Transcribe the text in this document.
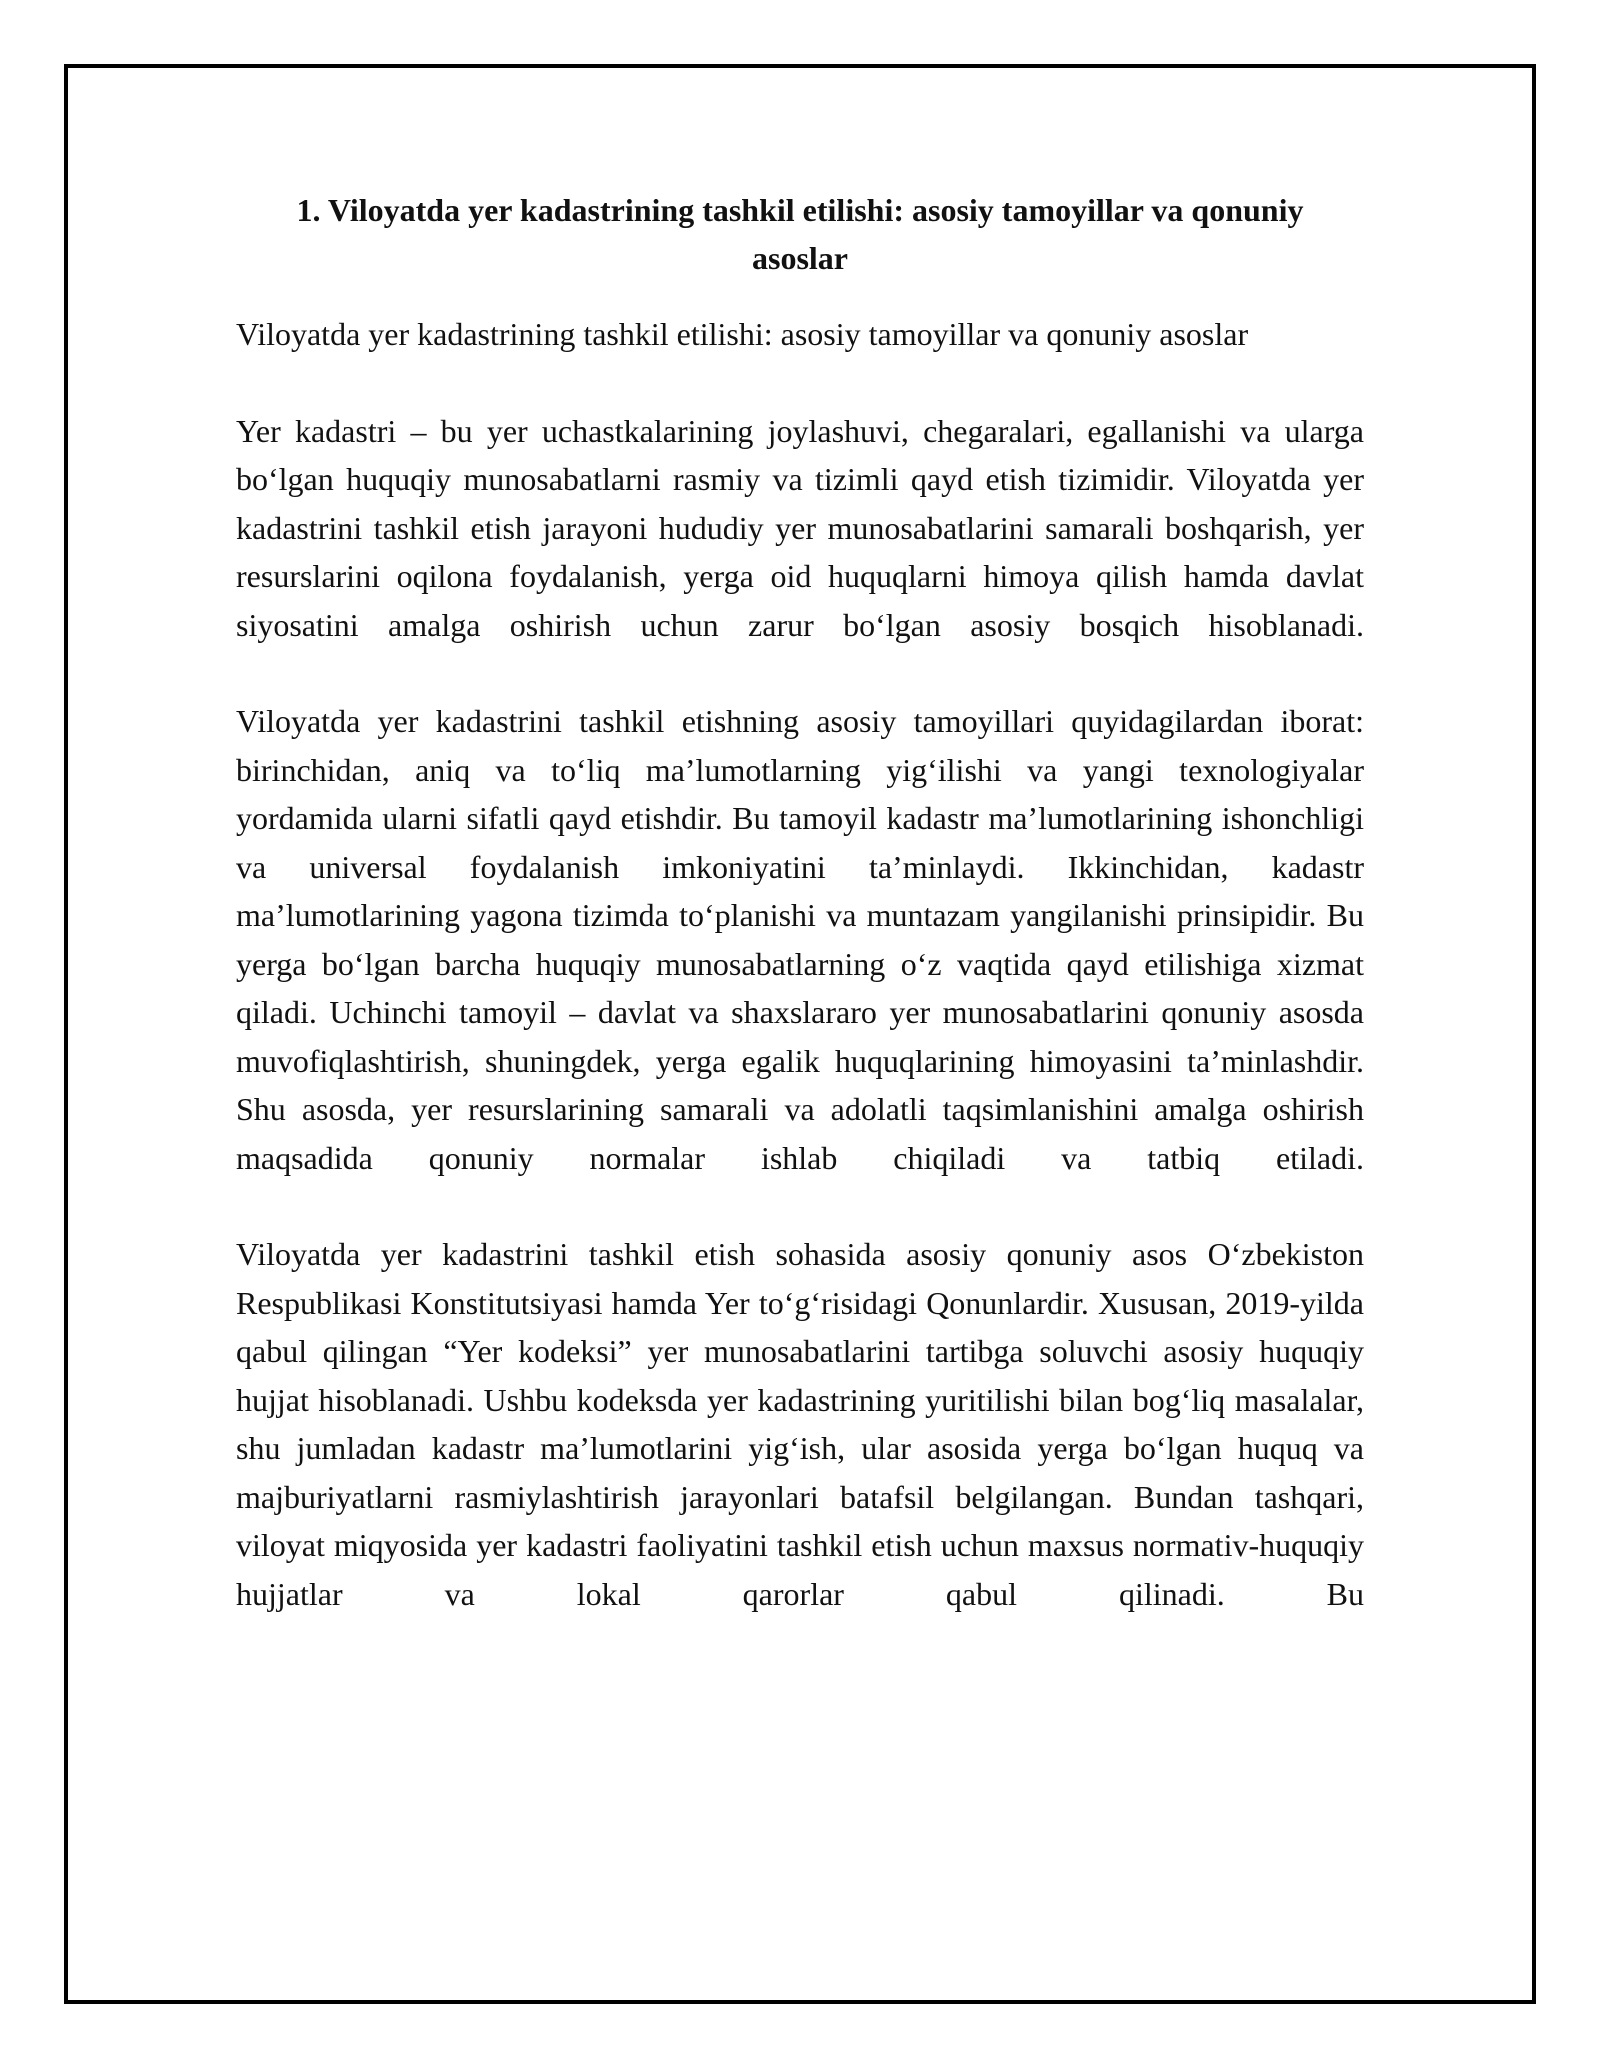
1. Viloyatda yer kadastrining tashkil etilishi: asosiy tamoyillar va qonuniy asoslar

Viloyatda yer kadastrining tashkil etilishi: asosiy tamoyillar va qonuniy asoslar

Yer kadastri – bu yer uchastkalarining joylashuvi, chegaralari, egallanishi va ularga bo‘lgan huquqiy munosabatlarni rasmiy va tizimli qayd etish tizimidir. Viloyatda yer kadastrini tashkil etish jarayoni hududiy yer munosabatlarini samarali boshqarish, yer resurslarini oqilona foydalanish, yerga oid huquqlarni himoya qilish hamda davlat siyosatini amalga oshirish uchun zarur bo‘lgan asosiy bosqich hisoblanadi.

Viloyatda yer kadastrini tashkil etishning asosiy tamoyillari quyidagilardan iborat: birinchidan, aniq va to‘liq ma’lumotlarning yig‘ilishi va yangi texnologiyalar yordamida ularni sifatli qayd etishdir. Bu tamoyil kadastr ma’lumotlarining ishonchligi va universal foydalanish imkoniyatini ta’minlaydi. Ikkinchidan, kadastr ma’lumotlarining yagona tizimda to‘planishi va muntazam yangilanishi prinsipidir. Bu yerga bo‘lgan barcha huquqiy munosabatlarning o‘z vaqtida qayd etilishiga xizmat qiladi. Uchinchi tamoyil – davlat va shaxslararo yer munosabatlarini qonuniy asosda muvofiqlashtirish, shuningdek, yerga egalik huquqlarining himoyasini ta’minlashdir. Shu asosda, yer resurslarining samarali va adolatli taqsimlanishini amalga oshirish maqsadida qonuniy normalar ishlab chiqiladi va tatbiq etiladi.

Viloyatda yer kadastrini tashkil etish sohasida asosiy qonuniy asos O‘zbekiston Respublikasi Konstitutsiyasi hamda Yer to‘g‘risidagi Qonunlardir. Xususan, 2019-yilda qabul qilingan “Yer kodeksi” yer munosabatlarini tartibga soluvchi asosiy huquqiy hujjat hisoblanadi. Ushbu kodeksda yer kadastrining yuritilishi bilan bog‘liq masalalar, shu jumladan kadastr ma’lumotlarini yig‘ish, ular asosida yerga bo‘lgan huquq va majburiyatlarni rasmiylashtirish jarayonlari batafsil belgilangan. Bundan tashqari, viloyat miqyosida yer kadastri faoliyatini tashkil etish uchun maxsus normativ-huquqiy hujjatlar va lokal qarorlar qabul qilinadi. Bu
